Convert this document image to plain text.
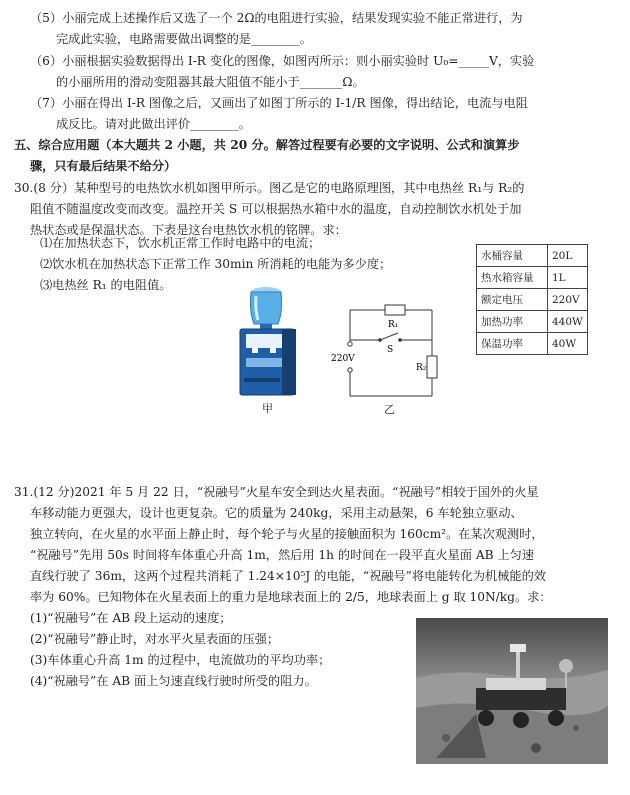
（5）小丽完成上述操作后又选了一个 2Ω的电阻进行实验，结果发现实验不能正常进行，为
完成此实验，电路需要做出调整的是________。
（6）小丽根据实验数据得出 I-R 变化的图像，如图丙所示：则小丽实验时 U₀=_____V，实验
的小丽所用的滑动变阻器其最大阻值不能小于_______Ω。
（7）小丽在得出 I-R 图像之后，又画出了如图丁所示的 I-1/R 图像，得出结论，电流与电阻
成反比。请对此做出评价________。
五、综合应用题（本大题共 2 小题，共 20 分。解答过程要有必要的文字说明、公式和演算步
骤，只有最后结果不给分）
30.(8 分）某种型号的电热饮水机如图甲所示。图乙是它的电路原理图，其中电热丝 R₁与 R₂的
阻值不随温度改变而改变。温控开关 S 可以根据热水箱中水的温度，自动控制饮水机处于加
热状态或是保温状态。下表是这台电热饮水机的铭牌。求：
⑴在加热状态下，饮水机正常工作时电路中的电流；
⑵饮水机在加热状态下正常工作 30min 所消耗的电能为多少度；
⑶电热丝 R₁ 的电阻值。
水桶容量	20L
热水箱容量	1L
额定电压	220V
加热功率	440W
保温功率	40W
甲
R₁
S
R₂
220V
乙
31.(12 分)2021 年 5 月 22 日，“祝融号”火星车安全到达火星表面。“祝融号”相较于国外的火星
车移动能力更强大，设计也更复杂。它的质量为 240kg，采用主动悬架，6 车轮独立驱动、
独立转向，在火星的水平面上静止时，每个轮子与火星的接触面积为 160cm²。在某次观测时，
“祝融号”先用 50s 时间将车体重心升高 1m，然后用 1h 的时间在一段平直火星面 AB 上匀速
直线行驶了 36m，这两个过程共消耗了 1.24×10⁵J 的电能，“祝融号”将电能转化为机械能的效
率为 60%。已知物体在火星表面上的重力是地球表面上的 2/5，地球表面上 g 取 10N/kg。求：
(1)“祝融号”在 AB 段上运动的速度；
(2)“祝融号”静止时，对水平火星表面的压强；
(3)车体重心升高 1m 的过程中，电流做功的平均功率；
(4)“祝融号”在 AB 面上匀速直线行驶时所受的阻力。
